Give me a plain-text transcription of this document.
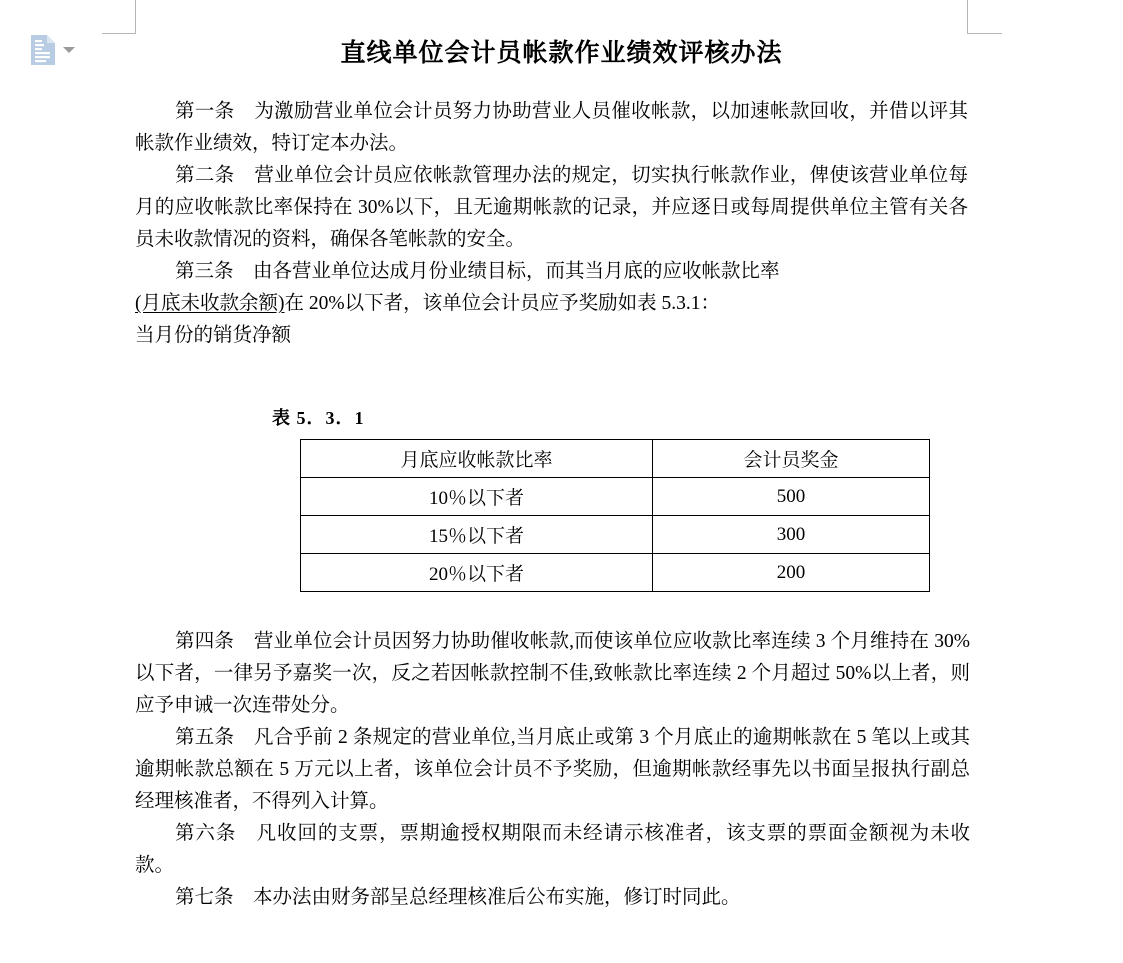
直线单位会计员帐款作业绩效评核办法

第一条　为激励营业单位会计员努力协助营业人员催收帐款，以加速帐款回收，并借以评其帐款作业绩效，特订定本办法。

第二条　营业单位会计员应依帐款管理办法的规定，切实执行帐款作业，俾使该营业单位每月的应收帐款比率保持在 30%以下，且无逾期帐款的记录，并应逐日或每周提供单位主管有关各员未收款情况的资料，确保各笔帐款的安全。

第三条　由各营业单位达成月份业绩目标，而其当月底的应收帐款比率

(月底未收款余额)在 20%以下者，该单位会计员应予奖励如表 5.3.1：

当月份的销货净额

表 5．3．1
月底应收帐款比率	会计员奖金
10％以下者	500
15％以下者	300
20％以下者	200

第四条　营业单位会计员因努力协助催收帐款,而使该单位应收款比率连续 3 个月维持在 30%以下者，一律另予嘉奖一次，反之若因帐款控制不佳,致帐款比率连续 2 个月超过 50%以上者，则应予申诫一次连带处分。

第五条　凡合乎前 2 条规定的营业单位,当月底止或第 3 个月底止的逾期帐款在 5 笔以上或其逾期帐款总额在 5 万元以上者，该单位会计员不予奖励，但逾期帐款经事先以书面呈报执行副总经理核准者，不得列入计算。

第六条　凡收回的支票，票期逾授权期限而未经请示核准者，该支票的票面金额视为未收款。

第七条　本办法由财务部呈总经理核准后公布实施，修订时同此。
